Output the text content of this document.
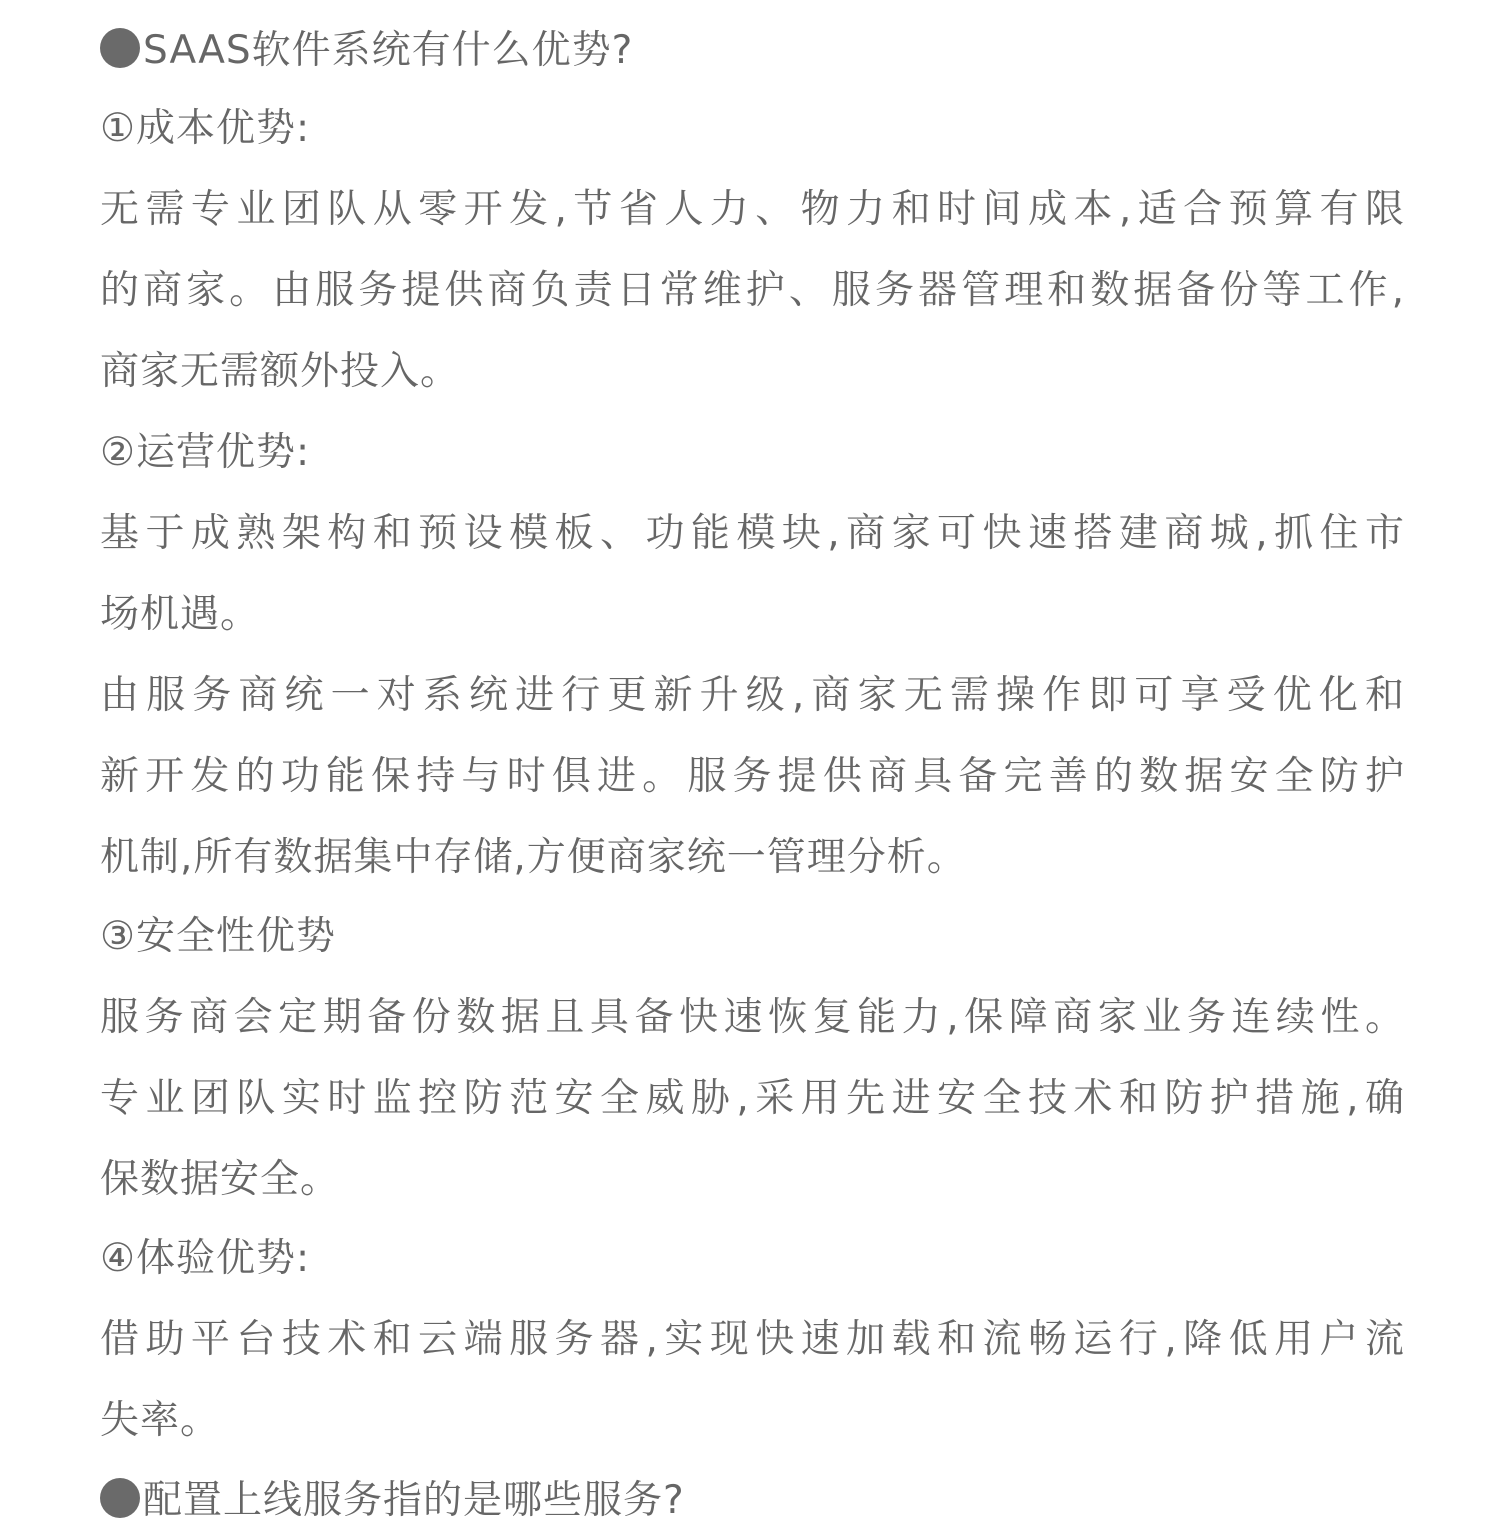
SAAS软件系统有什么优势?
①成本优势:
无需专业团队从零开发,节省人力、物力和时间成本,适合预算有限
的商家。由服务提供商负责日常维护、服务器管理和数据备份等工作,
商家无需额外投入。
②运营优势:
基于成熟架构和预设模板、功能模块,商家可快速搭建商城,抓住市
场机遇。
由服务商统一对系统进行更新升级,商家无需操作即可享受优化和
新开发的功能保持与时俱进。服务提供商具备完善的数据安全防护
机制,所有数据集中存储,方便商家统一管理分析。
③安全性优势
服务商会定期备份数据且具备快速恢复能力,保障商家业务连续性。
专业团队实时监控防范安全威胁,采用先进安全技术和防护措施,确
保数据安全。
④体验优势:
借助平台技术和云端服务器,实现快速加载和流畅运行,降低用户流
失率。
配置上线服务指的是哪些服务?
